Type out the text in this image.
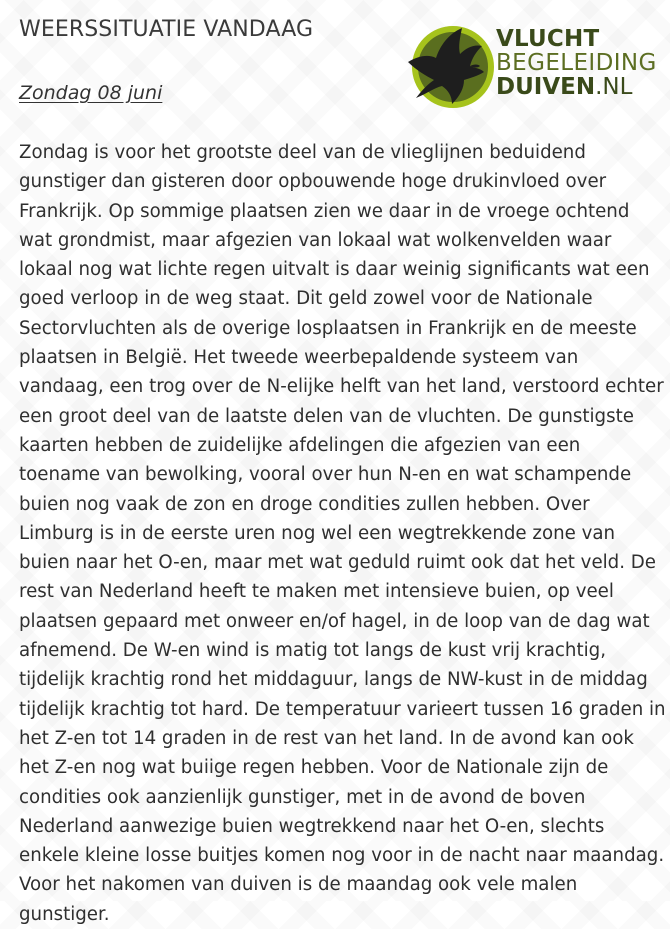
WEERSSITUATIE VANDAAG

Zondag 08 juni

VLUCHT
BEGELEIDING
DUIVEN.NL

Zondag is voor het grootste deel van de vlieglijnen beduidend gunstiger dan gisteren door opbouwende hoge drukinvloed over Frankrijk. Op sommige plaatsen zien we daar in de vroege ochtend wat grondmist, maar afgezien van lokaal wat wolkenvelden waar lokaal nog wat lichte regen uitvalt is daar weinig significants wat een goed verloop in de weg staat. Dit geld zowel voor de Nationale Sectorvluchten als de overige losplaatsen in Frankrijk en de meeste plaatsen in België. Het tweede weerbepaldende systeem van vandaag, een trog over de N-elijke helft van het land, verstoord echter een groot deel van de laatste delen van de vluchten. De gunstigste kaarten hebben de zuidelijke afdelingen die afgezien van een toename van bewolking, vooral over hun N-en en wat schampende buien nog vaak de zon en droge condities zullen hebben. Over Limburg is in de eerste uren nog wel een wegtrekkende zone van buien naar het O-en, maar met wat geduld ruimt ook dat het veld. De rest van Nederland heeft te maken met intensieve buien, op veel plaatsen gepaard met onweer en/of hagel, in de loop van de dag wat afnemend. De W-en wind is matig tot langs de kust vrij krachtig, tijdelijk krachtig rond het middaguur, langs de NW-kust in de middag tijdelijk krachtig tot hard. De temperatuur varieert tussen 16 graden in het Z-en tot 14 graden in de rest van het land. In de avond kan ook het Z-en nog wat buiige regen hebben. Voor de Nationale zijn de condities ook aanzienlijk gunstiger, met in de avond de boven Nederland aanwezige buien wegtrekkend naar het O-en, slechts enkele kleine losse buitjes komen nog voor in de nacht naar maandag. Voor het nakomen van duiven is de maandag ook vele malen gunstiger.
